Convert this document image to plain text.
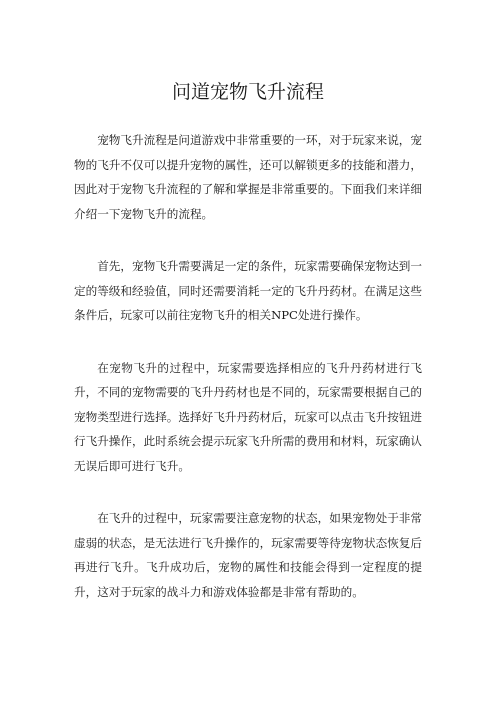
问道宠物飞升流程

宠物飞升流程是问道游戏中非常重要的一环，对于玩家来说，宠物的飞升不仅可以提升宠物的属性，还可以解锁更多的技能和潜力，因此对于宠物飞升流程的了解和掌握是非常重要的。下面我们来详细介绍一下宠物飞升的流程。

首先，宠物飞升需要满足一定的条件，玩家需要确保宠物达到一定的等级和经验值，同时还需要消耗一定的飞升丹药材。在满足这些条件后，玩家可以前往宠物飞升的相关NPC处进行操作。

在宠物飞升的过程中，玩家需要选择相应的飞升丹药材进行飞升，不同的宠物需要的飞升丹药材也是不同的，玩家需要根据自己的宠物类型进行选择。选择好飞升丹药材后，玩家可以点击飞升按钮进行飞升操作，此时系统会提示玩家飞升所需的费用和材料，玩家确认无误后即可进行飞升。

在飞升的过程中，玩家需要注意宠物的状态，如果宠物处于非常虚弱的状态，是无法进行飞升操作的，玩家需要等待宠物状态恢复后再进行飞升。飞升成功后，宠物的属性和技能会得到一定程度的提升，这对于玩家的战斗力和游戏体验都是非常有帮助的。
